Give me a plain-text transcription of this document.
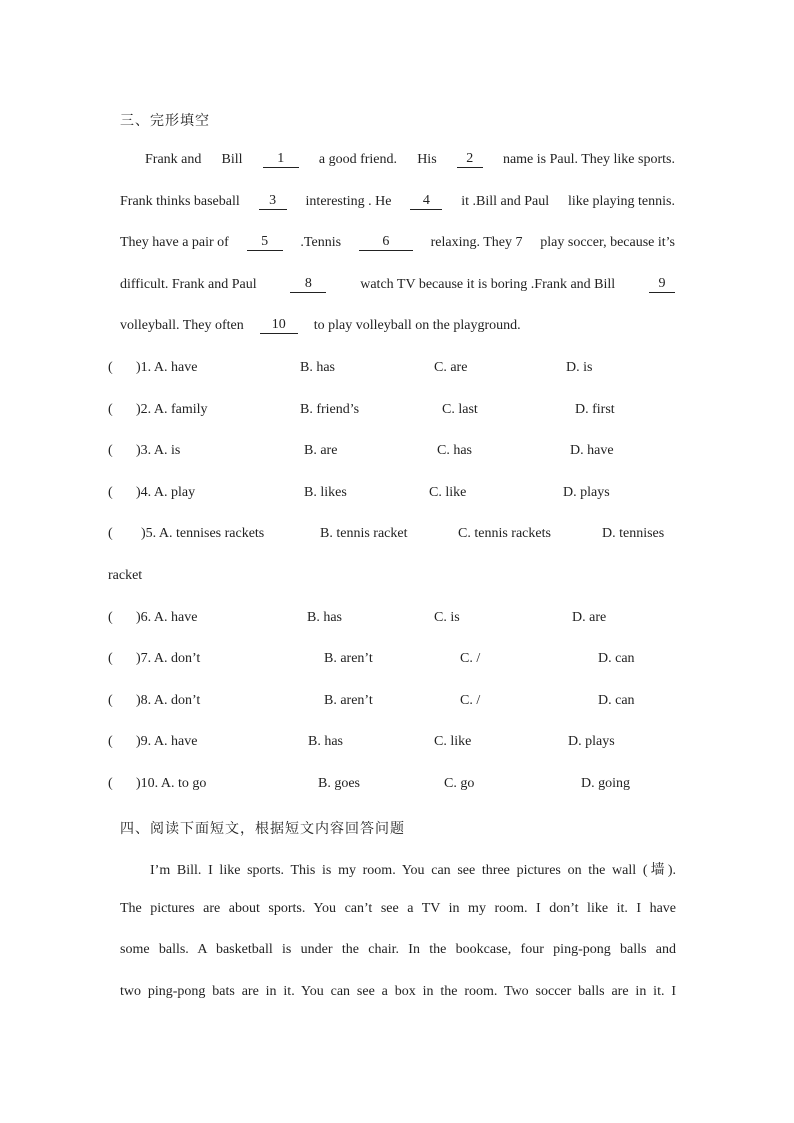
三、完形填空
Frank and Bill	1	a good friend. His	2	name is Paul. They like sports.
Frank thinks baseball	3	interesting . He	4	it .Bill and Paul like playing tennis.
They have a pair of	5	.Tennis	6	relaxing. They 7 play soccer, because it’s
difficult. Frank and Paul	8	watch TV because it is boring .Frank and Bill	9
volleyball. They often	10	to play volleyball on the playground.
( )1. A. have	B. has	C. are	D. is
( )2. A. family	B. friend’s	C. last	D. first
( )3. A. is	B. are	C. has	D. have
( )4. A. play	B. likes	C. like	D. plays
( )5. A. tennises rackets	B. tennis racket	C. tennis rackets	D. tennises
racket
( )6. A. have	B. has	C. is	D. are
( )7. A. don’t	B. aren’t	C. /	D. can
( )8. A. don’t	B. aren’t	C. /	D. can
( )9. A. have	B. has	C. like	D. plays
( )10. A. to go	B. goes	C. go	D. going
四、阅读下面短文，根据短文内容回答问题
I’m Bill. I like sports. This is my room. You can see three pictures on the wall (墙).
The pictures are about sports. You can’t see a TV in my room. I don’t like it. I have
some balls. A basketball is under the chair. In the bookcase, four ping-pong balls and
two ping-pong bats are in it. You can see a box in the room. Two soccer balls are in it. I
